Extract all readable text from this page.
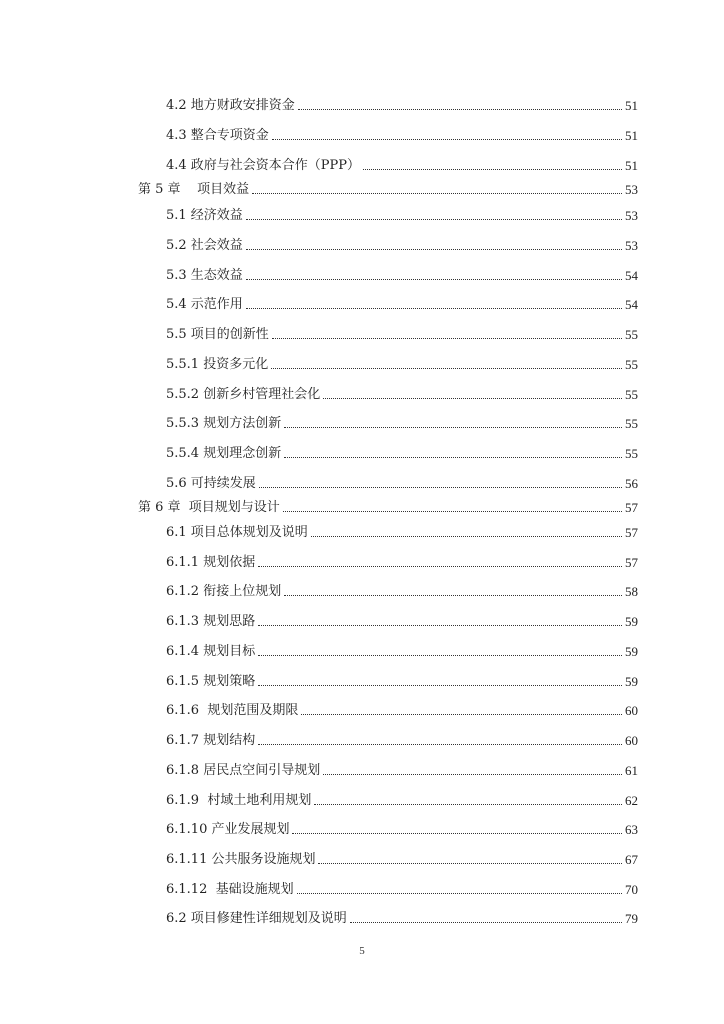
4.2 地方财政安排资金	51
4.3 整合专项资金	51
4.4 政府与社会资本合作（PPP）	51
第 5 章    项目效益	53
5.1 经济效益	53
5.2 社会效益	53
5.3 生态效益	54
5.4 示范作用	54
5.5 项目的创新性	55
5.5.1 投资多元化	55
5.5.2 创新乡村管理社会化	55
5.5.3 规划方法创新	55
5.5.4 规划理念创新	55
5.6 可持续发展	56
第 6 章  项目规划与设计	57
6.1 项目总体规划及说明	57
6.1.1 规划依据	57
6.1.2 衔接上位规划	58
6.1.3 规划思路	59
6.1.4 规划目标	59
6.1.5 规划策略	59
6.1.6  规划范围及期限	60
6.1.7 规划结构	60
6.1.8 居民点空间引导规划	61
6.1.9  村域土地利用规划	62
6.1.10 产业发展规划	63
6.1.11 公共服务设施规划	67
6.1.12  基础设施规划	70
6.2 项目修建性详细规划及说明	79
5
